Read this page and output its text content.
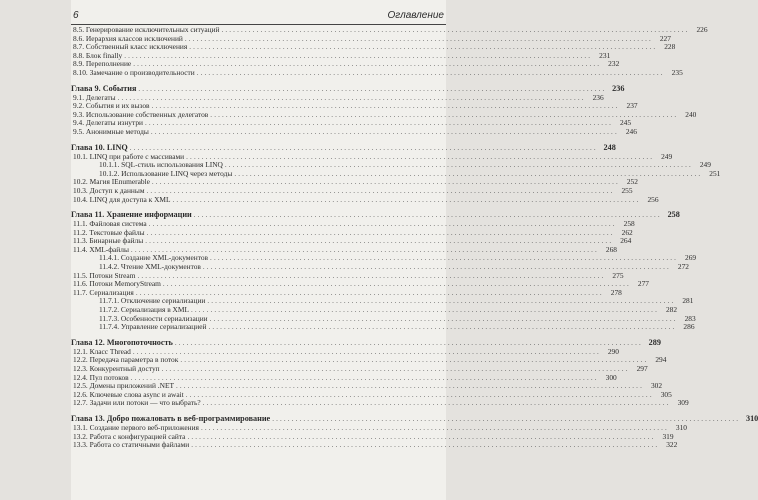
6	Оглавление
8.5. Генерирование исключительных ситуаций . . . . . . . . . . . . . . . . . . . . . . . . . . . . . . . . . . . . . . . . . . . . . . . . . . . . . . . . . . . . . . . . . . . . . . . . . . . . . . . . . . . . . . . . . . . . . . . . . . . . . . . . . . . . . . . . . . . . . . . .	226
8.6. Иерархия классов исключений . . . . . . . . . . . . . . . . . . . . . . . . . . . . . . . . . . . . . . . . . . . . . . . . . . . . . . . . . . . . . . . . . . . . . . . . . . . . . . . . . . . . . . . . . . . . . . . . . . . . . . . . . . . . . . . . . . . . . . . .	227
8.7. Собственный класс исключения . . . . . . . . . . . . . . . . . . . . . . . . . . . . . . . . . . . . . . . . . . . . . . . . . . . . . . . . . . . . . . . . . . . . . . . . . . . . . . . . . . . . . . . . . . . . . . . . . . . . . . . . . . . . . . . . . . . . . . . .	228
8.8. Блок finally . . . . . . . . . . . . . . . . . . . . . . . . . . . . . . . . . . . . . . . . . . . . . . . . . . . . . . . . . . . . . . . . . . . . . . . . . . . . . . . . . . . . . . . . . . . . . . . . . . . . . . . . . . . . . . . . . . . . . . . .	231
8.9. Переполнение . . . . . . . . . . . . . . . . . . . . . . . . . . . . . . . . . . . . . . . . . . . . . . . . . . . . . . . . . . . . . . . . . . . . . . . . . . . . . . . . . . . . . . . . . . . . . . . . . . . . . . . . . . . . . . . . . . . . . . . .	232
8.10. Замечание о производительности . . . . . . . . . . . . . . . . . . . . . . . . . . . . . . . . . . . . . . . . . . . . . . . . . . . . . . . . . . . . . . . . . . . . . . . . . . . . . . . . . . . . . . . . . . . . . . . . . . . . . . . . . . . . . . . . . . . . . . . .	235
Глава 9. События . . . . . . . . . . . . . . . . . . . . . . . . . . . . . . . . . . . . . . . . . . . . . . . . . . . . . . . . . . . . . . . . . . . . . . . . . . . . . . . . . . . . . . . . . . . . . . . . . . . . . . . . . . . . . . . . . . . . . . . . 236
9.1. Делегаты . . . . . . . . . . . . . . . . . . . . . . . . . . . . . . . . . . . . . . . . . . . . . . . . . . . . . . . . . . . . . . . . . . . . . . . . . . . . . . . . . . . . . . . . . . . . . . . . . . . . . . . . . . . . . . . . . . . . . . . .	236
9.2. События и их вызов . . . . . . . . . . . . . . . . . . . . . . . . . . . . . . . . . . . . . . . . . . . . . . . . . . . . . . . . . . . . . . . . . . . . . . . . . . . . . . . . . . . . . . . . . . . . . . . . . . . . . . . . . . . . . . . . . . . . . . . .	237
9.3. Использование собственных делегатов . . . . . . . . . . . . . . . . . . . . . . . . . . . . . . . . . . . . . . . . . . . . . . . . . . . . . . . . . . . . . . . . . . . . . . . . . . . . . . . . . . . . . . . . . . . . . . . . . . . . . . . . . . . . . . . . . . . . . . . .	240
9.4. Делегаты изнутри . . . . . . . . . . . . . . . . . . . . . . . . . . . . . . . . . . . . . . . . . . . . . . . . . . . . . . . . . . . . . . . . . . . . . . . . . . . . . . . . . . . . . . . . . . . . . . . . . . . . . . . . . . . . . . . . . . . . . . . .	245
9.5. Анонимные методы . . . . . . . . . . . . . . . . . . . . . . . . . . . . . . . . . . . . . . . . . . . . . . . . . . . . . . . . . . . . . . . . . . . . . . . . . . . . . . . . . . . . . . . . . . . . . . . . . . . . . . . . . . . . . . . . . . . . . . . .	246
Глава 10. LINQ . . . . . . . . . . . . . . . . . . . . . . . . . . . . . . . . . . . . . . . . . . . . . . . . . . . . . . . . . . . . . . . . . . . . . . . . . . . . . . . . . . . . . . . . . . . . . . . . . . . . . . . . . . . . . . . . . . . . . . . . 248
10.1. LINQ при работе с массивами . . . . . . . . . . . . . . . . . . . . . . . . . . . . . . . . . . . . . . . . . . . . . . . . . . . . . . . . . . . . . . . . . . . . . . . . . . . . . . . . . . . . . . . . . . . . . . . . . . . . . . . . . . . . . . . . . . . . . . . .	249
10.1.1. SQL-стиль использования LINQ . . . . . . . . . . . . . . . . . . . . . . . . . . . . . . . . . . . . . . . . . . . . . . . . . . . . . . . . . . . . . . . . . . . . . . . . . . . . . . . . . . . . . . . . . . . . . . . . . . . . . . . . . . . . . . . . . . . . . . . .	249
10.1.2. Использование LINQ через методы . . . . . . . . . . . . . . . . . . . . . . . . . . . . . . . . . . . . . . . . . . . . . . . . . . . . . . . . . . . . . . . . . . . . . . . . . . . . . . . . . . . . . . . . . . . . . . . . . . . . . . . . . . . . . . . . . . . . . . . .	251
10.2. Магия IEnumerable . . . . . . . . . . . . . . . . . . . . . . . . . . . . . . . . . . . . . . . . . . . . . . . . . . . . . . . . . . . . . . . . . . . . . . . . . . . . . . . . . . . . . . . . . . . . . . . . . . . . . . . . . . . . . . . . . . . . . . . .	252
10.3. Доступ к данным . . . . . . . . . . . . . . . . . . . . . . . . . . . . . . . . . . . . . . . . . . . . . . . . . . . . . . . . . . . . . . . . . . . . . . . . . . . . . . . . . . . . . . . . . . . . . . . . . . . . . . . . . . . . . . . . . . . . . . . .	255
10.4. LINQ для доступа к XML . . . . . . . . . . . . . . . . . . . . . . . . . . . . . . . . . . . . . . . . . . . . . . . . . . . . . . . . . . . . . . . . . . . . . . . . . . . . . . . . . . . . . . . . . . . . . . . . . . . . . . . . . . . . . . . . . . . . . . . .	256
Глава 11. Хранение информации . . . . . . . . . . . . . . . . . . . . . . . . . . . . . . . . . . . . . . . . . . . . . . . . . . . . . . . . . . . . . . . . . . . . . . . . . . . . . . . . . . . . . . . . . . . . . . . . . . . . . . . . . . . . . . . . . . . . . . . . 258
11.1. Файловая система . . . . . . . . . . . . . . . . . . . . . . . . . . . . . . . . . . . . . . . . . . . . . . . . . . . . . . . . . . . . . . . . . . . . . . . . . . . . . . . . . . . . . . . . . . . . . . . . . . . . . . . . . . . . . . . . . . . . . . . .	258
11.2. Текстовые файлы . . . . . . . . . . . . . . . . . . . . . . . . . . . . . . . . . . . . . . . . . . . . . . . . . . . . . . . . . . . . . . . . . . . . . . . . . . . . . . . . . . . . . . . . . . . . . . . . . . . . . . . . . . . . . . . . . . . . . . . .	262
11.3. Бинарные файлы . . . . . . . . . . . . . . . . . . . . . . . . . . . . . . . . . . . . . . . . . . . . . . . . . . . . . . . . . . . . . . . . . . . . . . . . . . . . . . . . . . . . . . . . . . . . . . . . . . . . . . . . . . . . . . . . . . . . . . . .	264
11.4. XML-файлы . . . . . . . . . . . . . . . . . . . . . . . . . . . . . . . . . . . . . . . . . . . . . . . . . . . . . . . . . . . . . . . . . . . . . . . . . . . . . . . . . . . . . . . . . . . . . . . . . . . . . . . . . . . . . . . . . . . . . . . .	268
11.4.1. Создание XML-документов . . . . . . . . . . . . . . . . . . . . . . . . . . . . . . . . . . . . . . . . . . . . . . . . . . . . . . . . . . . . . . . . . . . . . . . . . . . . . . . . . . . . . . . . . . . . . . . . . . . . . . . . . . . . . . . . . . . . . . . .	269
11.4.2. Чтение XML-документов . . . . . . . . . . . . . . . . . . . . . . . . . . . . . . . . . . . . . . . . . . . . . . . . . . . . . . . . . . . . . . . . . . . . . . . . . . . . . . . . . . . . . . . . . . . . . . . . . . . . . . . . . . . . . . . . . . . . . . . .	272
11.5. Потоки Stream . . . . . . . . . . . . . . . . . . . . . . . . . . . . . . . . . . . . . . . . . . . . . . . . . . . . . . . . . . . . . . . . . . . . . . . . . . . . . . . . . . . . . . . . . . . . . . . . . . . . . . . . . . . . . . . . . . . . . . . .	275
11.6. Потоки MemoryStream . . . . . . . . . . . . . . . . . . . . . . . . . . . . . . . . . . . . . . . . . . . . . . . . . . . . . . . . . . . . . . . . . . . . . . . . . . . . . . . . . . . . . . . . . . . . . . . . . . . . . . . . . . . . . . . . . . . . . . . .	277
11.7. Сериализация . . . . . . . . . . . . . . . . . . . . . . . . . . . . . . . . . . . . . . . . . . . . . . . . . . . . . . . . . . . . . . . . . . . . . . . . . . . . . . . . . . . . . . . . . . . . . . . . . . . . . . . . . . . . . . . . . . . . . . . .	278
11.7.1. Отключение сериализации . . . . . . . . . . . . . . . . . . . . . . . . . . . . . . . . . . . . . . . . . . . . . . . . . . . . . . . . . . . . . . . . . . . . . . . . . . . . . . . . . . . . . . . . . . . . . . . . . . . . . . . . . . . . . . . . . . . . . . . .	281
11.7.2. Сериализация в XML . . . . . . . . . . . . . . . . . . . . . . . . . . . . . . . . . . . . . . . . . . . . . . . . . . . . . . . . . . . . . . . . . . . . . . . . . . . . . . . . . . . . . . . . . . . . . . . . . . . . . . . . . . . . . . . . . . . . . . . .	282
11.7.3. Особенности сериализации . . . . . . . . . . . . . . . . . . . . . . . . . . . . . . . . . . . . . . . . . . . . . . . . . . . . . . . . . . . . . . . . . . . . . . . . . . . . . . . . . . . . . . . . . . . . . . . . . . . . . . . . . . . . . . . . . . . . . . . .	283
11.7.4. Управление сериализацией . . . . . . . . . . . . . . . . . . . . . . . . . . . . . . . . . . . . . . . . . . . . . . . . . . . . . . . . . . . . . . . . . . . . . . . . . . . . . . . . . . . . . . . . . . . . . . . . . . . . . . . . . . . . . . . . . . . . . . . .	286
Глава 12. Многопоточность . . . . . . . . . . . . . . . . . . . . . . . . . . . . . . . . . . . . . . . . . . . . . . . . . . . . . . . . . . . . . . . . . . . . . . . . . . . . . . . . . . . . . . . . . . . . . . . . . . . . . . . . . . . . . . . . . . . . . . . . 289
12.1. Класс Thread . . . . . . . . . . . . . . . . . . . . . . . . . . . . . . . . . . . . . . . . . . . . . . . . . . . . . . . . . . . . . . . . . . . . . . . . . . . . . . . . . . . . . . . . . . . . . . . . . . . . . . . . . . . . . . . . . . . . . . . .	290
12.2. Передача параметра в поток . . . . . . . . . . . . . . . . . . . . . . . . . . . . . . . . . . . . . . . . . . . . . . . . . . . . . . . . . . . . . . . . . . . . . . . . . . . . . . . . . . . . . . . . . . . . . . . . . . . . . . . . . . . . . . . . . . . . . . . .	294
12.3. Конкурентный доступ . . . . . . . . . . . . . . . . . . . . . . . . . . . . . . . . . . . . . . . . . . . . . . . . . . . . . . . . . . . . . . . . . . . . . . . . . . . . . . . . . . . . . . . . . . . . . . . . . . . . . . . . . . . . . . . . . . . . . . . .	297
12.4. Пул потоков . . . . . . . . . . . . . . . . . . . . . . . . . . . . . . . . . . . . . . . . . . . . . . . . . . . . . . . . . . . . . . . . . . . . . . . . . . . . . . . . . . . . . . . . . . . . . . . . . . . . . . . . . . . . . . . . . . . . . . . .	300
12.5. Домены приложений .NET . . . . . . . . . . . . . . . . . . . . . . . . . . . . . . . . . . . . . . . . . . . . . . . . . . . . . . . . . . . . . . . . . . . . . . . . . . . . . . . . . . . . . . . . . . . . . . . . . . . . . . . . . . . . . . . . . . . . . . . .	302
12.6. Ключевые слова async и await . . . . . . . . . . . . . . . . . . . . . . . . . . . . . . . . . . . . . . . . . . . . . . . . . . . . . . . . . . . . . . . . . . . . . . . . . . . . . . . . . . . . . . . . . . . . . . . . . . . . . . . . . . . . . . . . . . . . . . . .	305
12.7. Задачи или потоки — что выбрать? . . . . . . . . . . . . . . . . . . . . . . . . . . . . . . . . . . . . . . . . . . . . . . . . . . . . . . . . . . . . . . . . . . . . . . . . . . . . . . . . . . . . . . . . . . . . . . . . . . . . . . . . . . . . . . . . . . . . . . . .	309
Глава 13. Добро пожаловать в веб-программирование . . . . . . . . . . . . . . . . . . . . . . . . . . . . . . . . . . . . . . . . . . . . . . . . . . . . . . . . . . . . . . . . . . . . . . . . . . . . . . . . . . . . . . . . . . . . . . . . . . . . . . . . . . . . . . . . . . . . . . . . 310
13.1. Создание первого веб-приложения . . . . . . . . . . . . . . . . . . . . . . . . . . . . . . . . . . . . . . . . . . . . . . . . . . . . . . . . . . . . . . . . . . . . . . . . . . . . . . . . . . . . . . . . . . . . . . . . . . . . . . . . . . . . . . . . . . . . . . . .	310
13.2. Работа с конфигурацией сайта . . . . . . . . . . . . . . . . . . . . . . . . . . . . . . . . . . . . . . . . . . . . . . . . . . . . . . . . . . . . . . . . . . . . . . . . . . . . . . . . . . . . . . . . . . . . . . . . . . . . . . . . . . . . . . . . . . . . . . . .	319
13.3. Работа со статичными файлами . . . . . . . . . . . . . . . . . . . . . . . . . . . . . . . . . . . . . . . . . . . . . . . . . . . . . . . . . . . . . . . . . . . . . . . . . . . . . . . . . . . . . . . . . . . . . . . . . . . . . . . . . . . . . . . . . . . . . . . .	322
